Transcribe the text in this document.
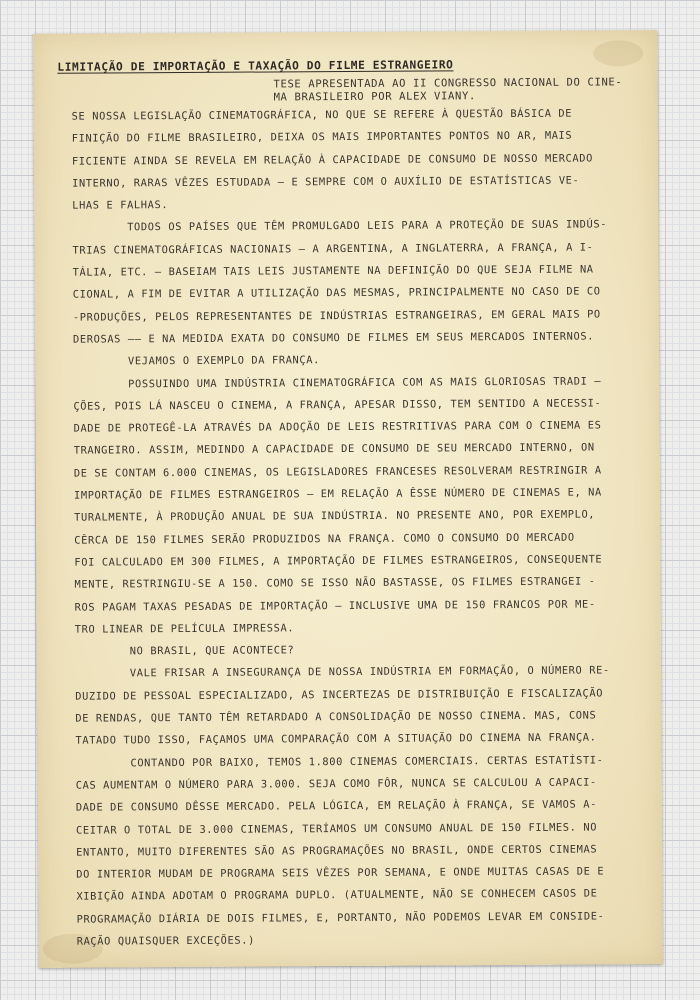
LIMITAÇÃO DE IMPORTAÇÃO E TAXAÇÃO DO FILME ESTRANGEIRO
TESE APRESENTADA AO II CONGRESSO NACIONAL DO CINE-
MA BRASILEIRO POR ALEX VIANY.
SE NOSSA LEGISLAÇÃO CINEMATOGRÁFICA, NO QUE SE REFERE À QUESTÃO BÁSICA DE
FINIÇÃO DO FILME BRASILEIRO, DEIXA OS MAIS IMPORTANTES PONTOS NO AR, MAIS
FICIENTE AINDA SE REVELA EM RELAÇÃO À CAPACIDADE DE CONSUMO DE NOSSO MERCADO
INTERNO, RARAS VÊZES ESTUDADA — E SEMPRE COM O AUXÍLIO DE ESTATÍSTICAS VE-
LHAS E FALHAS.
TODOS OS PAÍSES QUE TÊM PROMULGADO LEIS PARA A PROTEÇÃO DE SUAS INDÚS-
TRIAS CINEMATOGRÁFICAS NACIONAIS — A ARGENTINA, A INGLATERRA, A FRANÇA, A I-
TÁLIA, ETC. — BASEIAM TAIS LEIS JUSTAMENTE NA DEFINIÇÃO DO QUE SEJA FILME NA
CIONAL, A FIM DE EVITAR A UTILIZAÇÃO DAS MESMAS, PRINCIPALMENTE NO CASO DE CO
-PRODUÇÕES, PELOS REPRESENTANTES DE INDÚSTRIAS ESTRANGEIRAS, EM GERAL MAIS PO
DEROSAS —— E NA MEDIDA EXATA DO CONSUMO DE FILMES EM SEUS MERCADOS INTERNOS.
VEJAMOS O EXEMPLO DA FRANÇA.
POSSUINDO UMA INDÚSTRIA CINEMATOGRÁFICA COM AS MAIS GLORIOSAS TRADI —
ÇÕES, POIS LÁ NASCEU O CINEMA, A FRANÇA, APESAR DISSO, TEM SENTIDO A NECESSI-
DADE DE PROTEGÊ-LA ATRAVÉS DA ADOÇÃO DE LEIS RESTRITIVAS PARA COM O CINEMA ES
TRANGEIRO. ASSIM, MEDINDO A CAPACIDADE DE CONSUMO DE SEU MERCADO INTERNO, ON
DE SE CONTAM 6.000 CINEMAS, OS LEGISLADORES FRANCESES RESOLVERAM RESTRINGIR A
IMPORTAÇÃO DE FILMES ESTRANGEIROS — EM RELAÇÃO A ÊSSE NÚMERO DE CINEMAS E, NA
TURALMENTE, À PRODUÇÃO ANUAL DE SUA INDÚSTRIA. NO PRESENTE ANO, POR EXEMPLO,
CÊRCA DE 150 FILMES SERÃO PRODUZIDOS NA FRANÇA. COMO O CONSUMO DO MERCADO
FOI CALCULADO EM 300 FILMES, A IMPORTAÇÃO DE FILMES ESTRANGEIROS, CONSEQUENTE
MENTE, RESTRINGIU-SE A 150. COMO SE ISSO NÃO BASTASSE, OS FILMES ESTRANGEI -
ROS PAGAM TAXAS PESADAS DE IMPORTAÇÃO — INCLUSIVE UMA DE 150 FRANCOS POR ME-
TRO LINEAR DE PELÍCULA IMPRESSA.
NO BRASIL, QUE ACONTECE?
VALE FRISAR A INSEGURANÇA DE NOSSA INDÚSTRIA EM FORMAÇÃO, O NÚMERO RE-
DUZIDO DE PESSOAL ESPECIALIZADO, AS INCERTEZAS DE DISTRIBUIÇÃO E FISCALIZAÇÃO
DE RENDAS, QUE TANTO TÊM RETARDADO A CONSOLIDAÇÃO DE NOSSO CINEMA. MAS, CONS
TATADO TUDO ISSO, FAÇAMOS UMA COMPARAÇÃO COM A SITUAÇÃO DO CINEMA NA FRANÇA.
CONTANDO POR BAIXO, TEMOS 1.800 CINEMAS COMERCIAIS. CERTAS ESTATÍSTI-
CAS AUMENTAM O NÚMERO PARA 3.000. SEJA COMO FÔR, NUNCA SE CALCULOU A CAPACI-
DADE DE CONSUMO DÊSSE MERCADO. PELA LÓGICA, EM RELAÇÃO À FRANÇA, SE VAMOS A-
CEITAR O TOTAL DE 3.000 CINEMAS, TERÍAMOS UM CONSUMO ANUAL DE 150 FILMES. NO
ENTANTO, MUITO DIFERENTES SÃO AS PROGRAMAÇÕES NO BRASIL, ONDE CERTOS CINEMAS
DO INTERIOR MUDAM DE PROGRAMA SEIS VÊZES POR SEMANA, E ONDE MUITAS CASAS DE E
XIBIÇÃO AINDA ADOTAM O PROGRAMA DUPLO. (ATUALMENTE, NÃO SE CONHECEM CASOS DE
PROGRAMAÇÃO DIÁRIA DE DOIS FILMES, E, PORTANTO, NÃO PODEMOS LEVAR EM CONSIDE-
RAÇÃO QUAISQUER EXCEÇÕES.)
